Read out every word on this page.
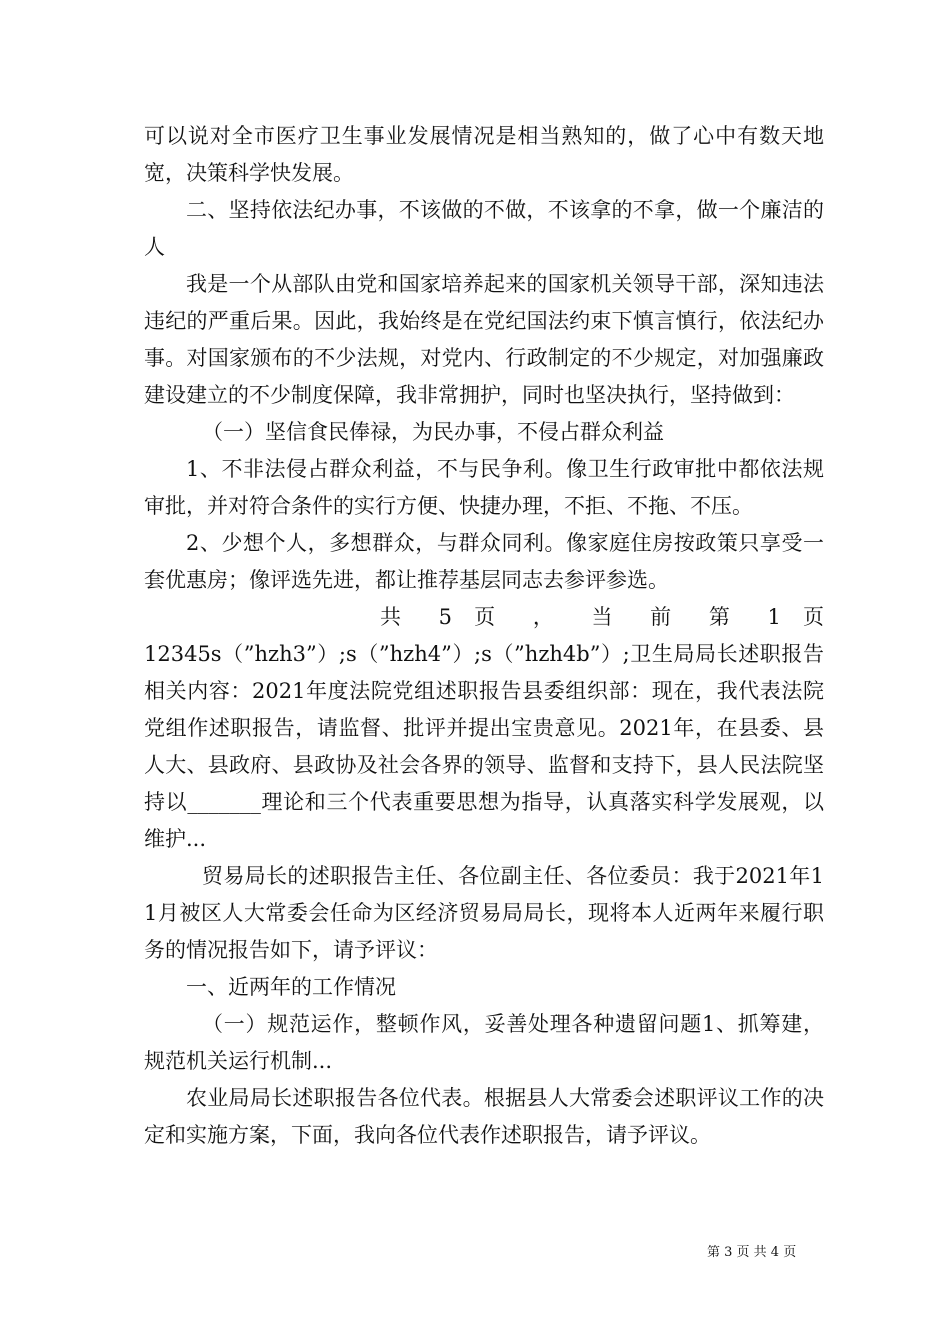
可以说对全市医疗卫生事业发展情况是相当熟知的，做了心中有数天地宽，决策科学快发展。

二、坚持依法纪办事，不该做的不做，不该拿的不拿，做一个廉洁的人

我是一个从部队由党和国家培养起来的国家机关领导干部，深知违法违纪的严重后果。因此，我始终是在党纪国法约束下慎言慎行，依法纪办事。对国家颁布的不少法规，对党内、行政制定的不少规定，对加强廉政建设建立的不少制度保障，我非常拥护，同时也坚决执行，坚持做到：

（一）坚信食民俸禄，为民办事，不侵占群众利益

1、不非法侵占群众利益，不与民争利。像卫生行政审批中都依法规审批，并对符合条件的实行方便、快捷办理，不拒、不拖、不压。

2、少想个人，多想群众，与群众同利。像家庭住房按政策只享受一套优惠房；像评选先进，都让推荐基层同志去参评参选。

共 5 页 ， 当 前 第 1 页

12345s（”hzh3”）;s（”hzh4”）;s（”hzh4b”）;卫生局局长述职报告相关内容：2021年度法院党组述职报告县委组织部：现在，我代表法院党组作述职报告，请监督、批评并提出宝贵意见。2021年，在县委、县人大、县政府、县政协及社会各界的领导、监督和支持下，县人民法院坚持以_______理论和三个代表重要思想为指导，认真落实科学发展观，以维护...

贸易局长的述职报告主任、各位副主任、各位委员：我于2021年11月被区人大常委会任命为区经济贸易局局长，现将本人近两年来履行职务的情况报告如下，请予评议：

一、近两年的工作情况

（一）规范运作，整顿作风，妥善处理各种遗留问题1、抓筹建，规范机关运行机制...

农业局局长述职报告各位代表。根据县人大常委会述职评议工作的决定和实施方案，下面，我向各位代表作述职报告，请予评议。

第 3 页 共 4 页
